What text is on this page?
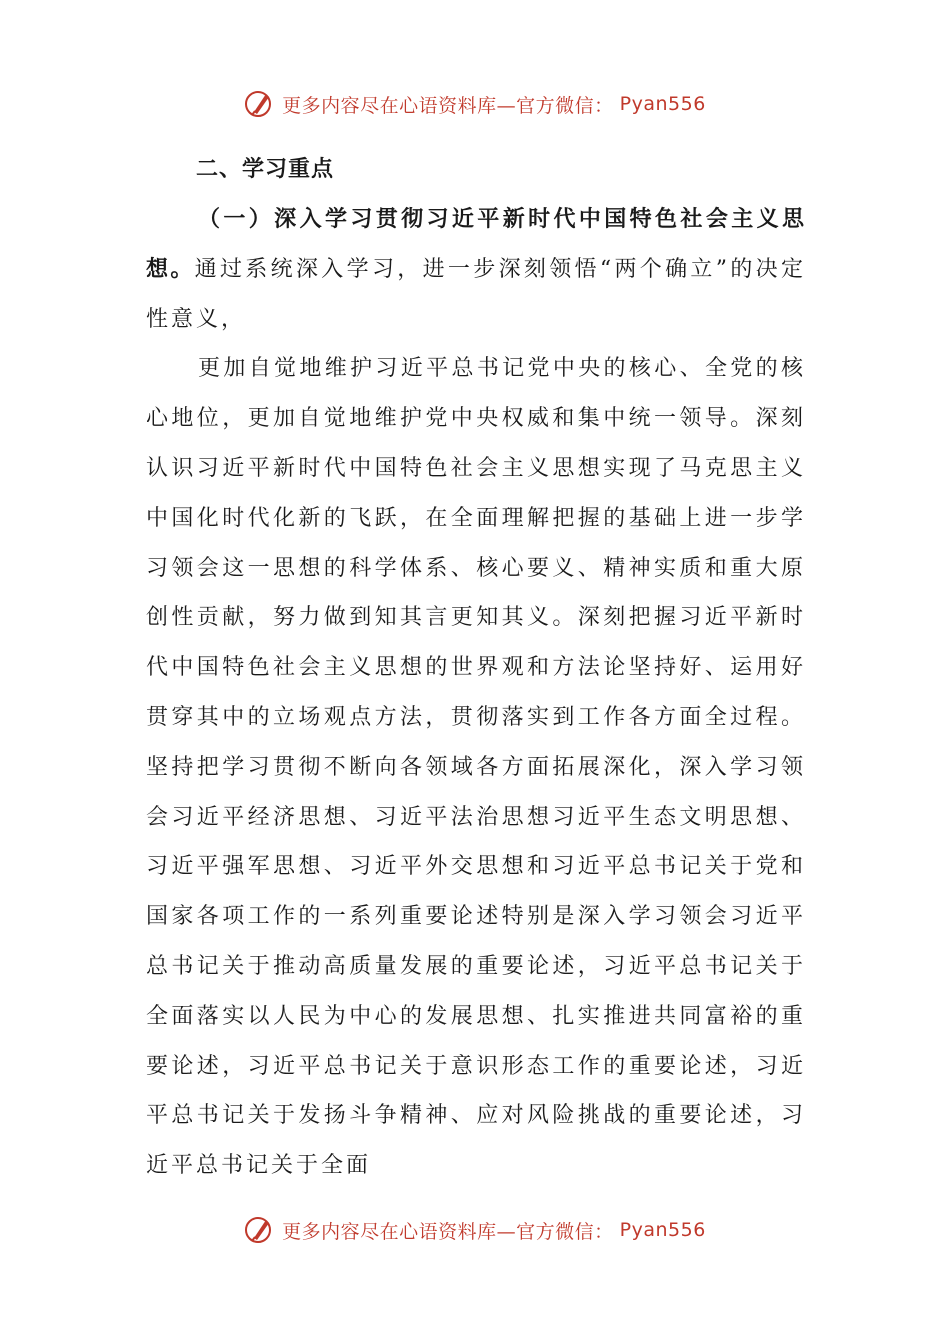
更多内容尽在心语资料库—官方微信： Pyan556
二、学习重点

（一）深入学习贯彻习近平新时代中国特色社会主义思想。通过系统深入学习，进一步深刻领悟“两个确立”的决定性意义，

更加自觉地维护习近平总书记党中央的核心、全党的核心地位，更加自觉地维护党中央权威和集中统一领导。深刻认识习近平新时代中国特色社会主义思想实现了马克思主义中国化时代化新的飞跃，在全面理解把握的基础上进一步学习领会这一思想的科学体系、核心要义、精神实质和重大原创性贡献，努力做到知其言更知其义。深刻把握习近平新时代中国特色社会主义思想的世界观和方法论坚持好、运用好贯穿其中的立场观点方法，贯彻落实到工作各方面全过程。坚持把学习贯彻不断向各领域各方面拓展深化，深入学习领会习近平经济思想、习近平法治思想习近平生态文明思想、习近平强军思想、习近平外交思想和习近平总书记关于党和国家各项工作的一系列重要论述特别是深入学习领会习近平总书记关于推动高质量发展的重要论述，习近平总书记关于全面落实以人民为中心的发展思想、扎实推进共同富裕的重要论述，习近平总书记关于意识形态工作的重要论述，习近平总书记关于发扬斗争精神、应对风险挑战的重要论述，习近平总书记关于全面

更多内容尽在心语资料库—官方微信： Pyan556
